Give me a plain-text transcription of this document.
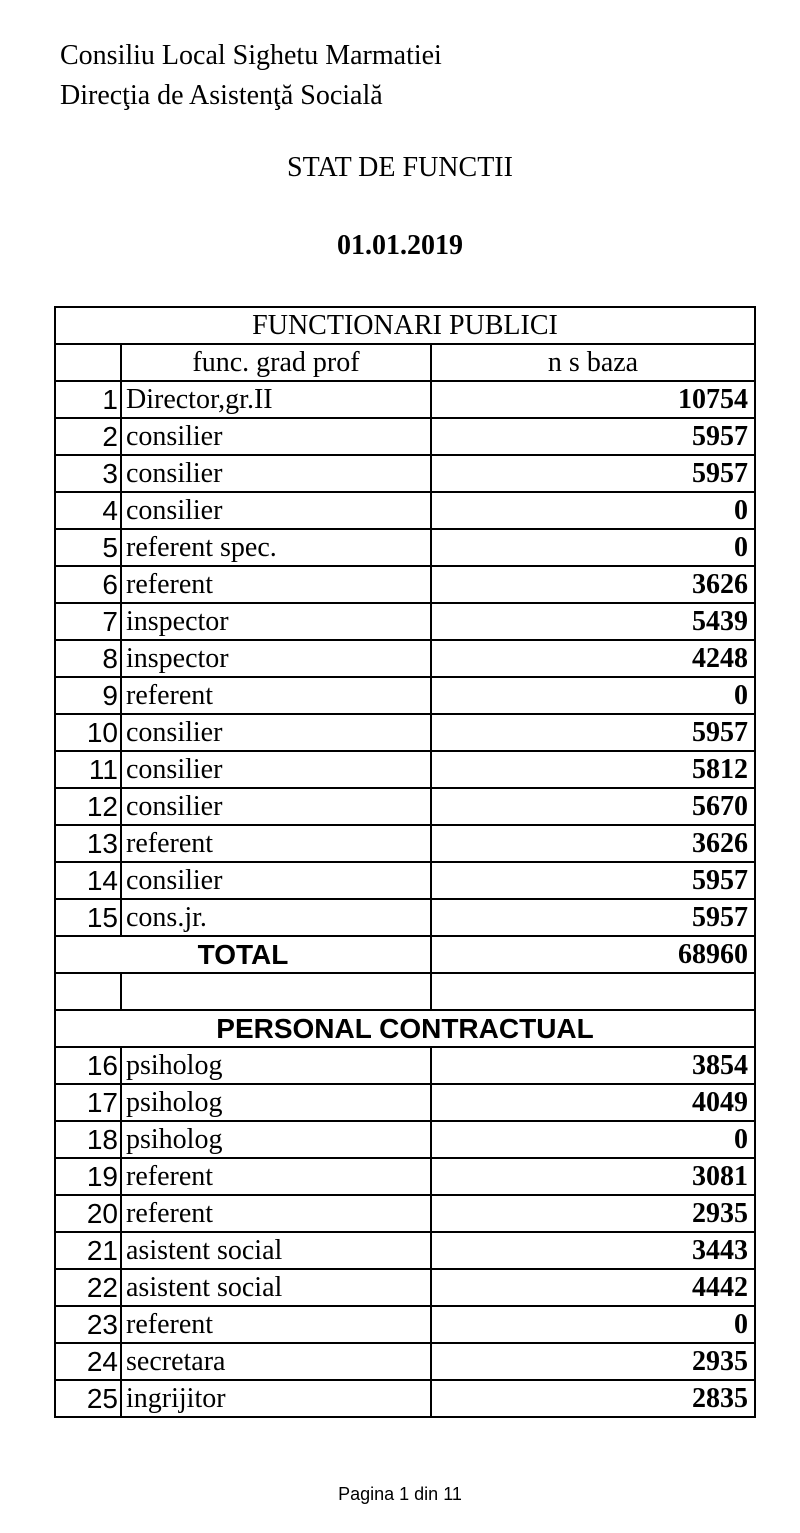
Consiliu Local Sighetu Marmatiei
Direcţia de Asistenţă Socială
STAT DE FUNCTII
01.01.2019
FUNCTIONARI PUBLICI		
	func. grad prof	n s baza
1	Director,gr.II	10754
2	consilier	5957
3	consilier	5957
4	consilier	0
5	referent spec.	0
6	referent	3626
7	inspector	5439
8	inspector	4248
9	referent	0
10	consilier	5957
11	consilier	5812
12	consilier	5670
13	referent	3626
14	consilier	5957
15	cons.jr.	5957
TOTAL		68960

PERSONAL CONTRACTUAL		
16	psiholog	3854
17	psiholog	4049
18	psiholog	0
19	referent	3081
20	referent	2935
21	asistent social	3443
22	asistent social	4442
23	referent	0
24	secretara	2935
25	ingrijitor	2835
Pagina 1 din 11
